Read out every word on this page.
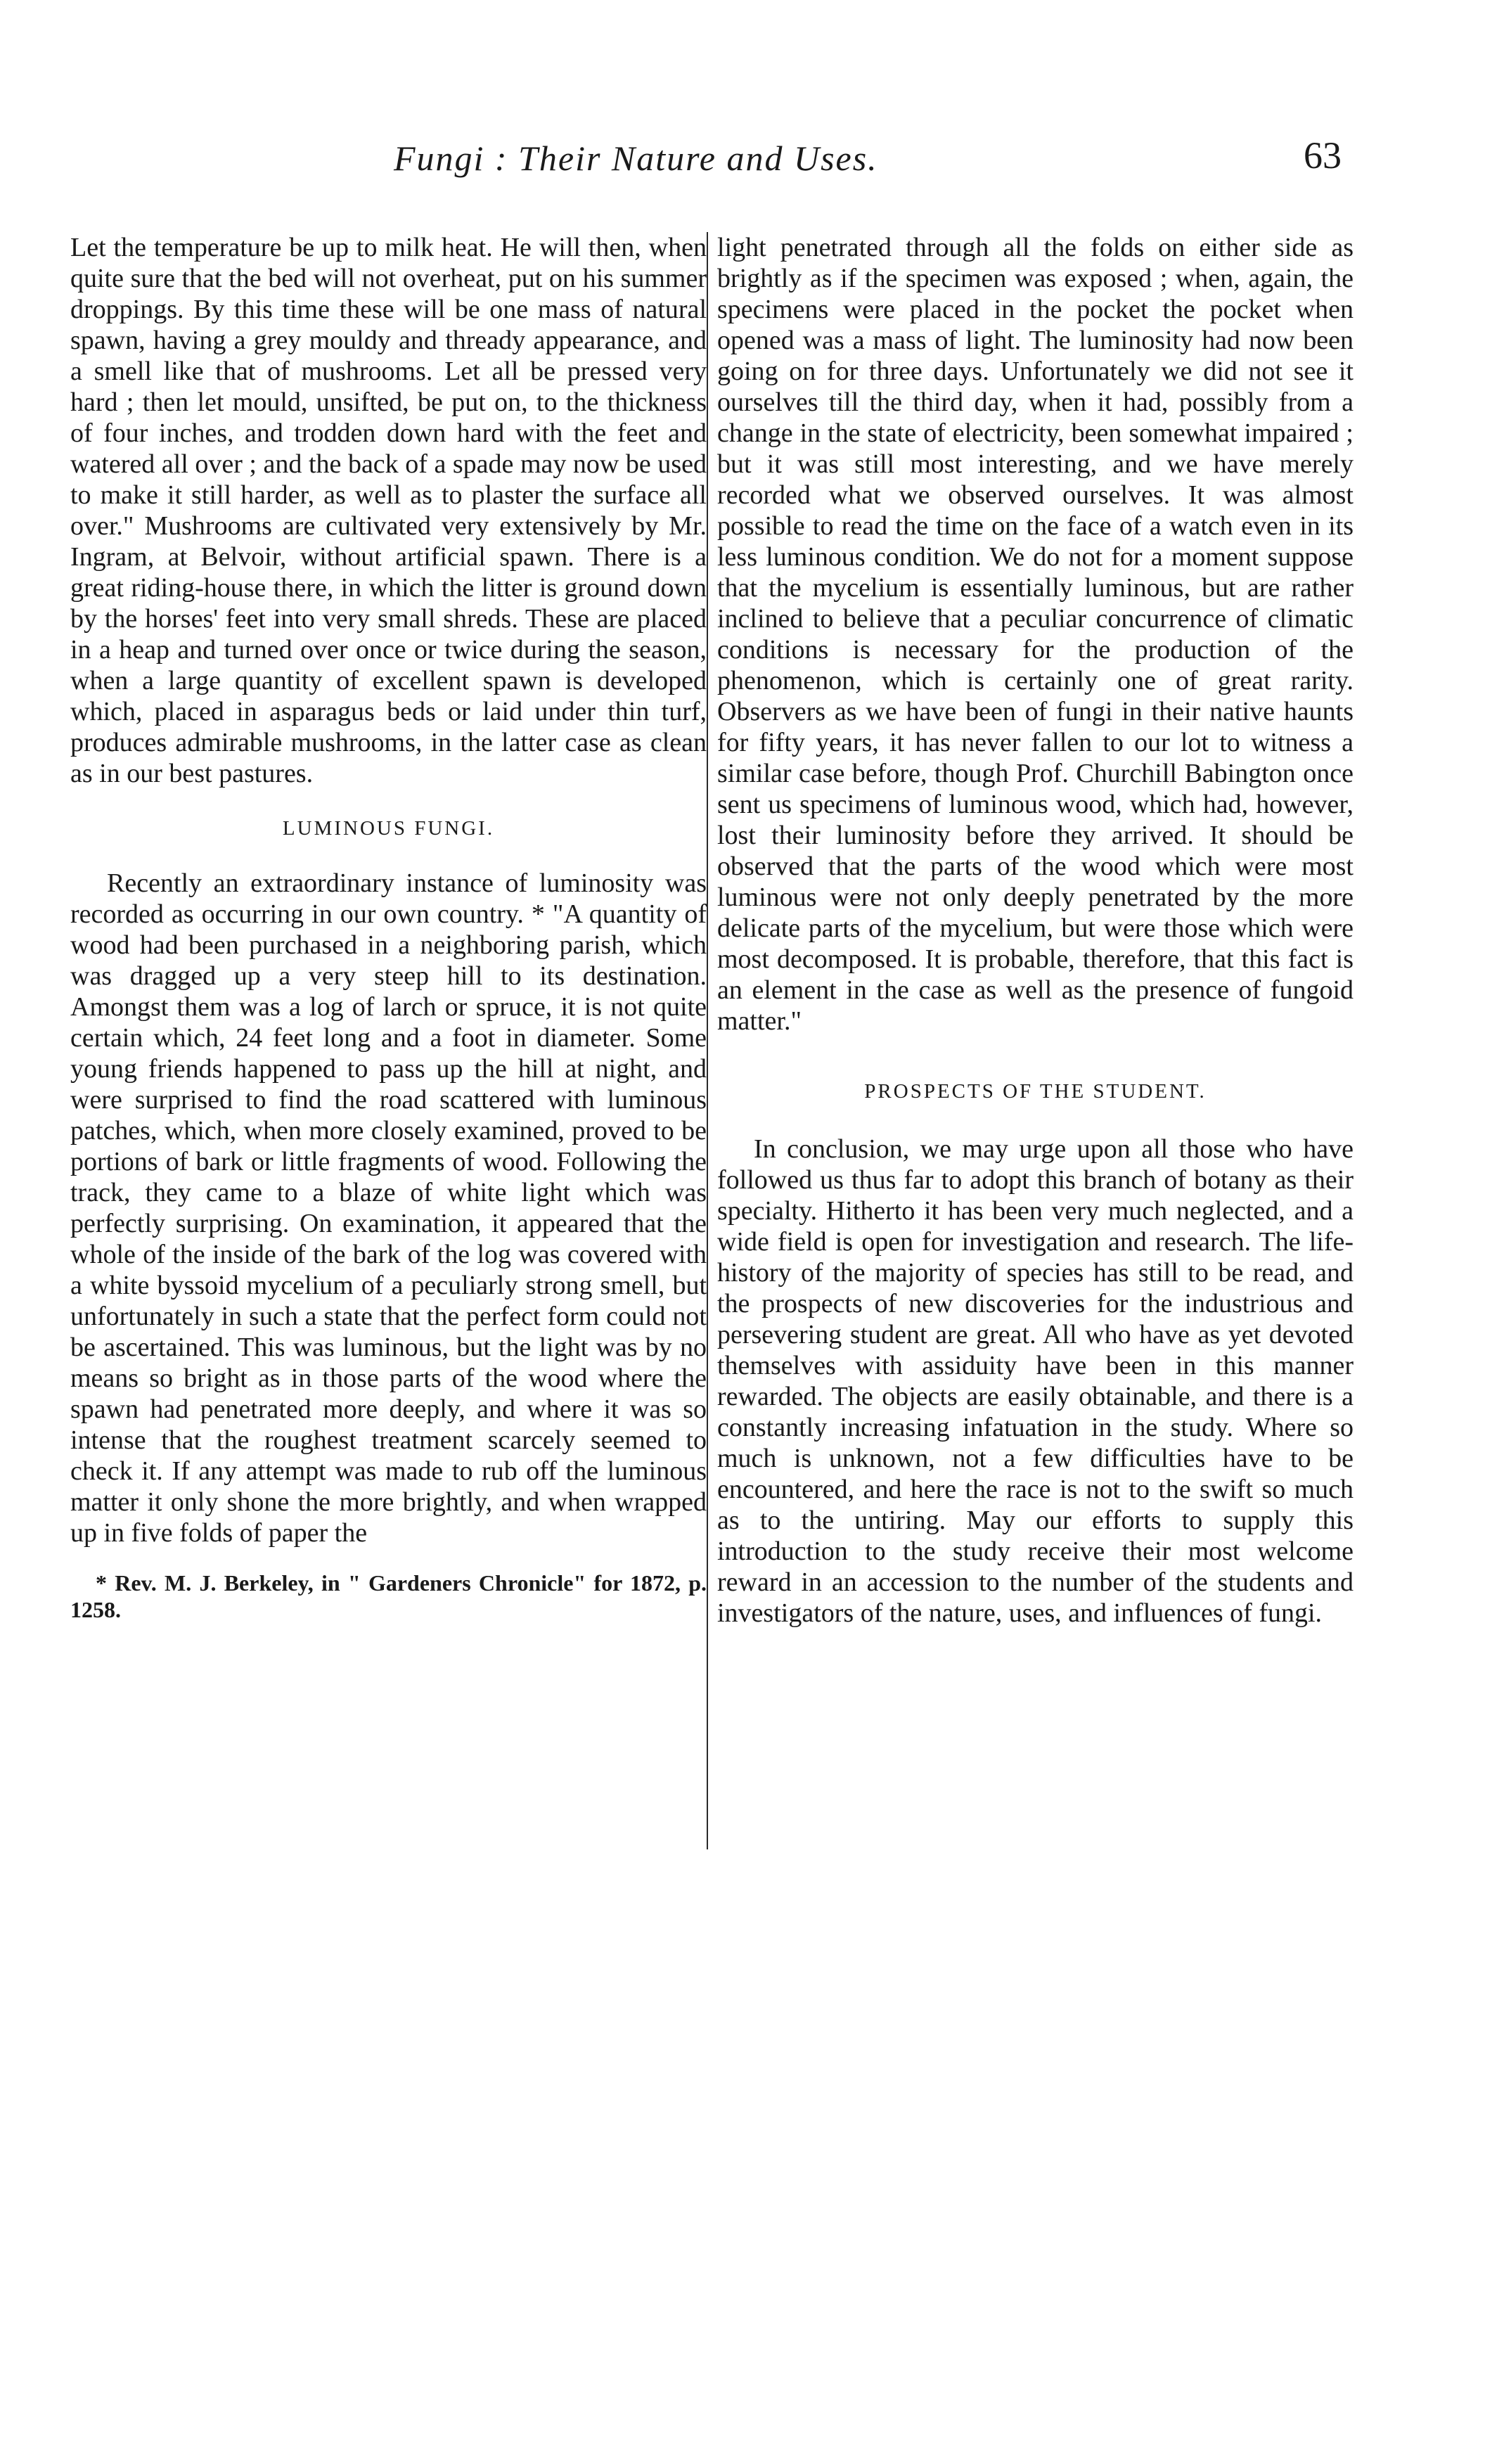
Fungi : Their Nature and Uses.	63

Let the temperature be up to milk heat. He will then, when quite sure that the bed will not overheat, put on his summer droppings. By this time these will be one mass of natural spawn, having a grey mouldy and thready appearance, and a smell like that of mushrooms. Let all be pressed very hard ; then let mould, unsifted, be put on, to the thickness of four inches, and trodden down hard with the feet and watered all over ; and the back of a spade may now be used to make it still harder, as well as to plaster the surface all over." Mushrooms are cultivated very extensively by Mr. Ingram, at Belvoir, without artificial spawn. There is a great riding-house there, in which the litter is ground down by the horses' feet into very small shreds. These are placed in a heap and turned over once or twice during the season, when a large quantity of excellent spawn is developed which, placed in asparagus beds or laid under thin turf, produces admirable mushrooms, in the latter case as clean as in our best pastures.

LUMINOUS FUNGI.

Recently an extraordinary instance of luminosity was recorded as occurring in our own country. * "A quantity of wood had been purchased in a neighboring parish, which was dragged up a very steep hill to its destination. Amongst them was a log of larch or spruce, it is not quite certain which, 24 feet long and a foot in diameter. Some young friends happened to pass up the hill at night, and were surprised to find the road scattered with luminous patches, which, when more closely examined, proved to be portions of bark or little fragments of wood. Following the track, they came to a blaze of white light which was perfectly surprising. On examination, it appeared that the whole of the inside of the bark of the log was covered with a white byssoid mycelium of a peculiarly strong smell, but unfortunately in such a state that the perfect form could not be ascertained. This was luminous, but the light was by no means so bright as in those parts of the wood where the spawn had penetrated more deeply, and where it was so intense that the roughest treatment scarcely seemed to check it. If any attempt was made to rub off the luminous matter it only shone the more brightly, and when wrapped up in five folds of paper the

* Rev. M. J. Berkeley, in " Gardeners Chronicle" for 1872, p. 1258.

light penetrated through all the folds on either side as brightly as if the specimen was exposed ; when, again, the specimens were placed in the pocket the pocket when opened was a mass of light. The luminosity had now been going on for three days. Unfortunately we did not see it ourselves till the third day, when it had, possibly from a change in the state of electricity, been somewhat impaired ; but it was still most interesting, and we have merely recorded what we observed ourselves. It was almost possible to read the time on the face of a watch even in its less luminous condition. We do not for a moment suppose that the mycelium is essentially luminous, but are rather inclined to believe that a peculiar concurrence of climatic conditions is necessary for the production of the phenomenon, which is certainly one of great rarity. Observers as we have been of fungi in their native haunts for fifty years, it has never fallen to our lot to witness a similar case before, though Prof. Churchill Babington once sent us specimens of luminous wood, which had, however, lost their luminosity before they arrived. It should be observed that the parts of the wood which were most luminous were not only deeply penetrated by the more delicate parts of the mycelium, but were those which were most decomposed. It is probable, therefore, that this fact is an element in the case as well as the presence of fungoid matter."

PROSPECTS OF THE STUDENT.

In conclusion, we may urge upon all those who have followed us thus far to adopt this branch of botany as their specialty. Hitherto it has been very much neglected, and a wide field is open for investigation and research. The life-history of the majority of species has still to be read, and the prospects of new discoveries for the industrious and persevering student are great. All who have as yet devoted themselves with assiduity have been in this manner rewarded. The objects are easily obtainable, and there is a constantly increasing infatuation in the study. Where so much is unknown, not a few difficulties have to be encountered, and here the race is not to the swift so much as to the untiring. May our efforts to supply this introduction to the study receive their most welcome reward in an accession to the number of the students and investigators of the nature, uses, and influences of fungi.
